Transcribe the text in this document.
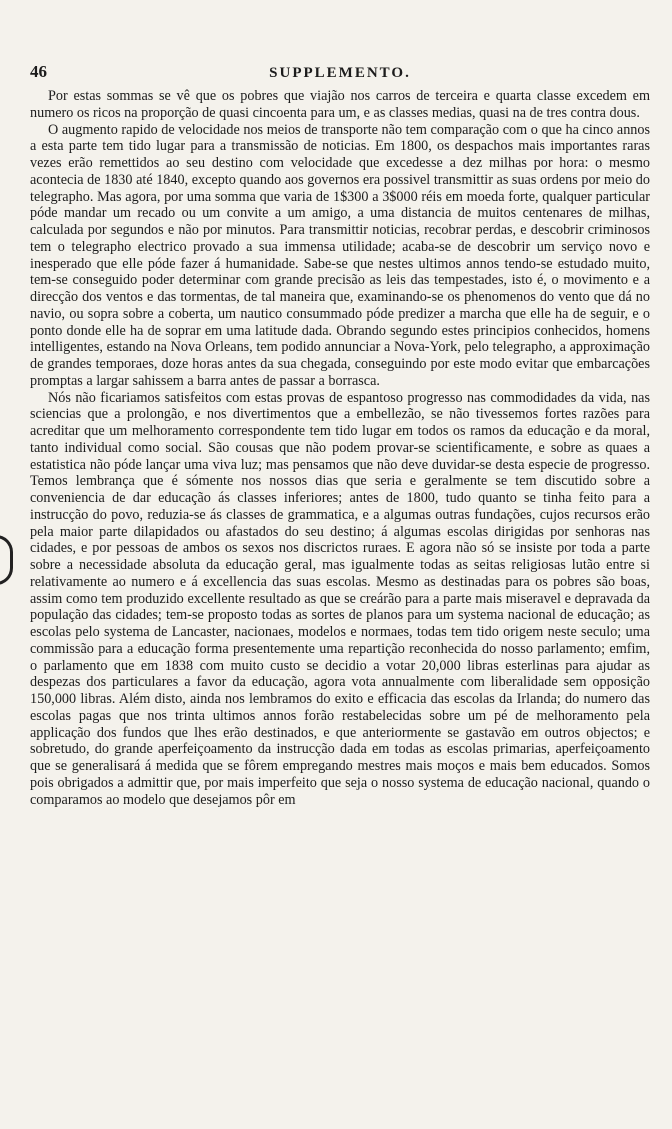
46	SUPPLEMENTO.

Por estas sommas se vê que os pobres que viajão nos carros de terceira e quarta classe excedem em numero os ricos na proporção de quasi cincoenta para um, e as classes medias, quasi na de tres contra dous.

O augmento rapido de velocidade nos meios de transporte não tem comparação com o que ha cinco annos a esta parte tem tido lugar para a transmissão de noticias. Em 1800, os despachos mais importantes raras vezes erão remettidos ao seu destino com velocidade que excedesse a dez milhas por hora: o mesmo acontecia de 1830 até 1840, excepto quando aos governos era possivel transmittir as suas ordens por meio do telegrapho. Mas agora, por uma somma que varia de 1$300 a 3$000 réis em moeda forte, qualquer particular póde mandar um recado ou um convite a um amigo, a uma distancia de muitos centenares de milhas, calculada por segundos e não por minutos. Para transmittir noticias, recobrar perdas, e descobrir criminosos tem o telegrapho electrico provado a sua immensa utilidade; acaba-se de descobrir um serviço novo e inesperado que elle póde fazer á humanidade. Sabe-se que nestes ultimos annos tendo-se estudado muito, tem-se conseguido poder determinar com grande precisão as leis das tempestades, isto é, o movimento e a direcção dos ventos e das tormentas, de tal maneira que, examinando-se os phenomenos do vento que dá no navio, ou sopra sobre a coberta, um nautico consummado póde predizer a marcha que elle ha de seguir, e o ponto donde elle ha de soprar em uma latitude dada. Obrando segundo estes principios conhecidos, homens intelligentes, estando na Nova Orleans, tem podido annunciar a Nova-York, pelo telegrapho, a approximação de grandes temporaes, doze horas antes da sua chegada, conseguindo por este modo evitar que embarcações promptas a largar sahissem a barra antes de passar a borrasca.

Nós não ficariamos satisfeitos com estas provas de espantoso progresso nas commodidades da vida, nas sciencias que a prolongão, e nos divertimentos que a embellezão, se não tivessemos fortes razões para acreditar que um melhoramento correspondente tem tido lugar em todos os ramos da educação e da moral, tanto individual como social. São cousas que não podem provar-se scientificamente, e sobre as quaes a estatistica não póde lançar uma viva luz; mas pensamos que não deve duvidar-se desta especie de progresso. Temos lembrança que é sómente nos nossos dias que seria e geralmente se tem discutido sobre a conveniencia de dar educação ás classes inferiores; antes de 1800, tudo quanto se tinha feito para a instrucção do povo, reduzia-se ás classes de grammatica, e a algumas outras fundações, cujos recursos erão pela maior parte dilapidados ou afastados do seu destino; á algumas escolas dirigidas por senhoras nas cidades, e por pessoas de ambos os sexos nos discrictos ruraes. E agora não só se insiste por toda a parte sobre a necessidade absoluta da educação geral, mas igualmente todas as seitas religiosas lutão entre si relativamente ao numero e á excellencia das suas escolas. Mesmo as destinadas para os pobres são boas, assim como tem produzido excellente resultado as que se creárão para a parte mais miseravel e depravada da população das cidades; tem-se proposto todas as sortes de planos para um systema nacional de educação; as escolas pelo systema de Lancaster, nacionaes, modelos e normaes, todas tem tido origem neste seculo; uma commissão para a educação forma presentemente uma repartição reconhecida do nosso parlamento; emfim, o parlamento que em 1838 com muito custo se decidio a votar 20,000 libras esterlinas para ajudar as despezas dos particulares a favor da educação, agora vota annualmente com liberalidade sem opposição 150,000 libras. Além disto, ainda nos lembramos do exito e efficacia das escolas da Irlanda; do numero das escolas pagas que nos trinta ultimos annos forão restabelecidas sobre um pé de melhoramento pela applicação dos fundos que lhes erão destinados, e que anteriormente se gastavão em outros objectos; e sobretudo, do grande aperfeiçoamento da instrucção dada em todas as escolas primarias, aperfeiçoamento que se generalisará á medida que se fôrem empregando mestres mais moços e mais bem educados. Somos pois obrigados a admittir que, por mais imperfeito que seja o nosso systema de educação nacional, quando o comparamos ao modelo que desejamos pôr em
